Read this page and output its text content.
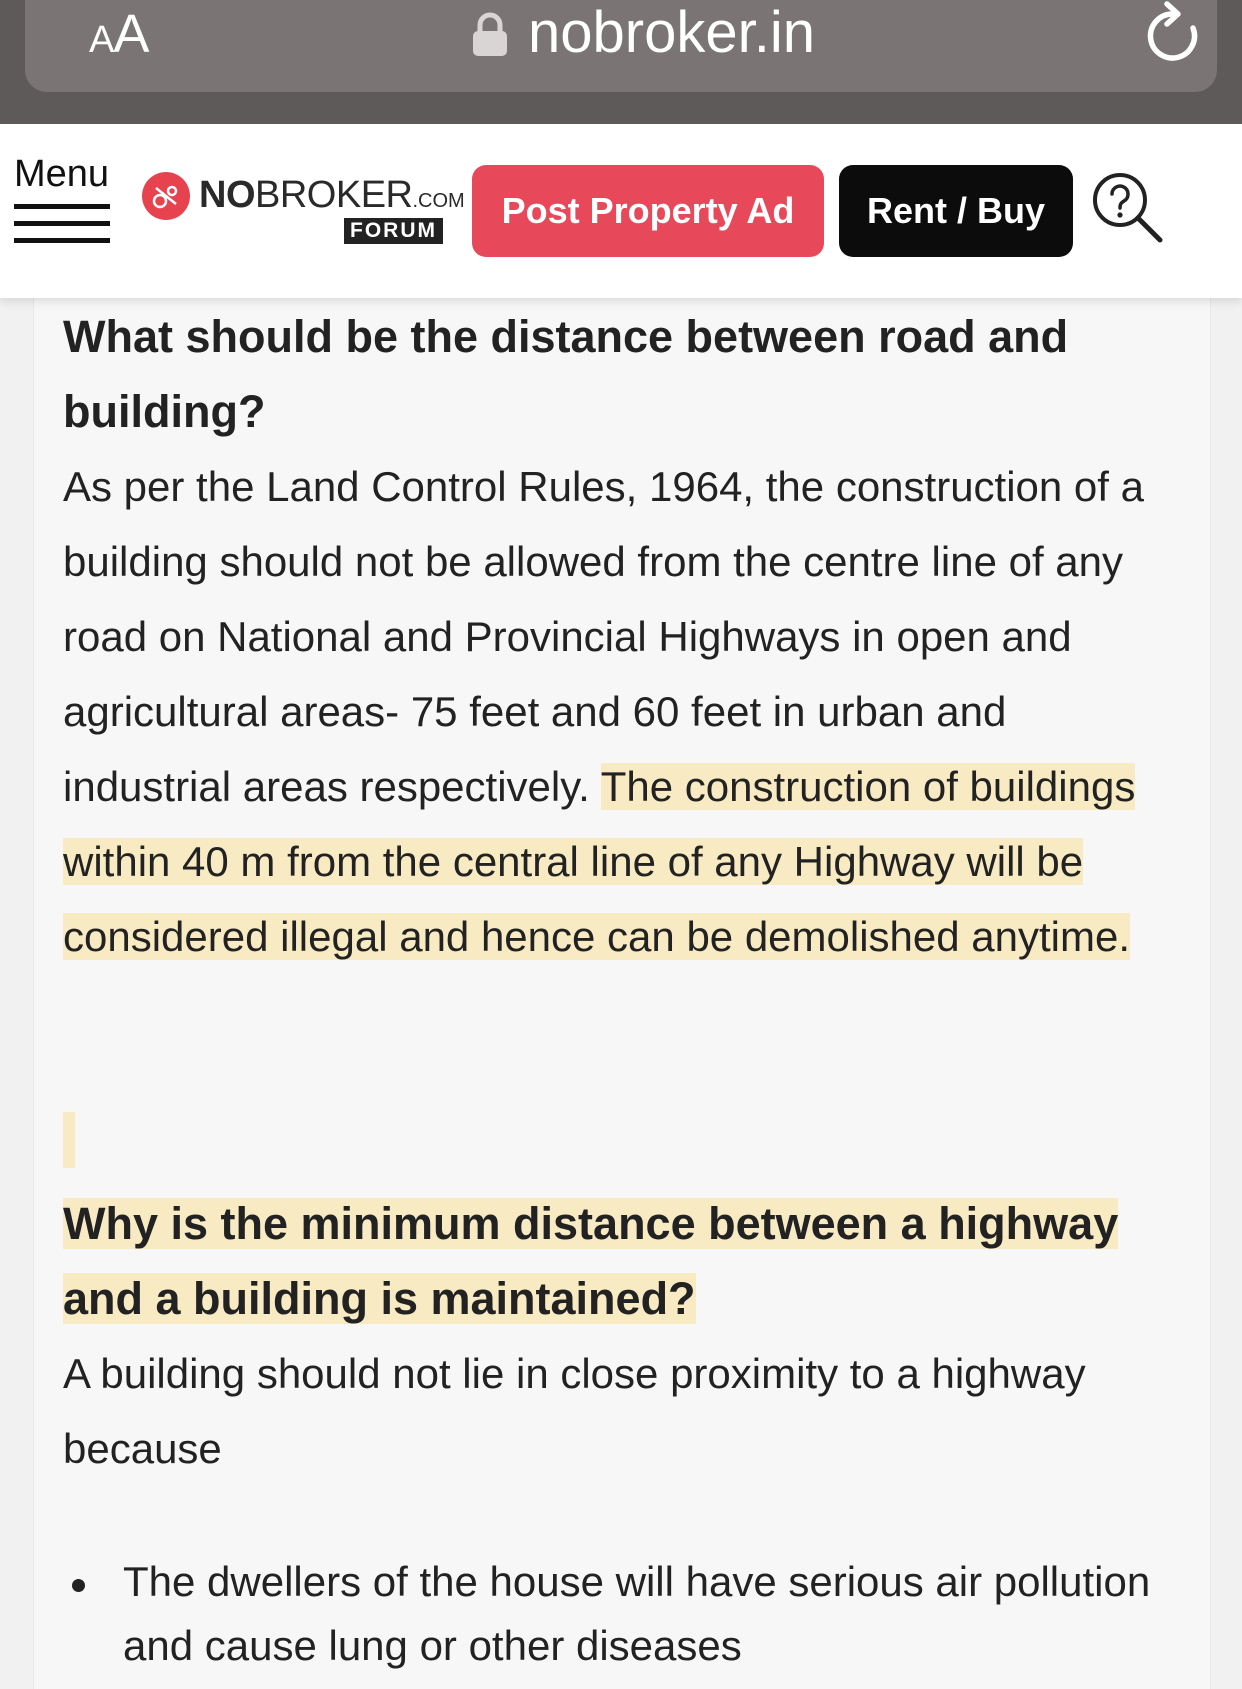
AA	nobroker.in
Menu NOBROKER.COM
FORUM	Post Property Ad	Rent / Buy
What should be the distance between road and building?

As per the Land Control Rules, 1964, the construction of a building should not be allowed from the centre line of any road on National and Provincial Highways in open and agricultural areas- 75 feet and 60 feet in urban and industrial areas respectively. The construction of buildings within 40 m from the central line of any Highway will be considered illegal and hence can be demolished anytime.

Why is the minimum distance between a highway and a building is maintained?

A building should not lie in close proximity to a highway because

The dwellers of the house will have serious air pollution and cause lung or other diseases
